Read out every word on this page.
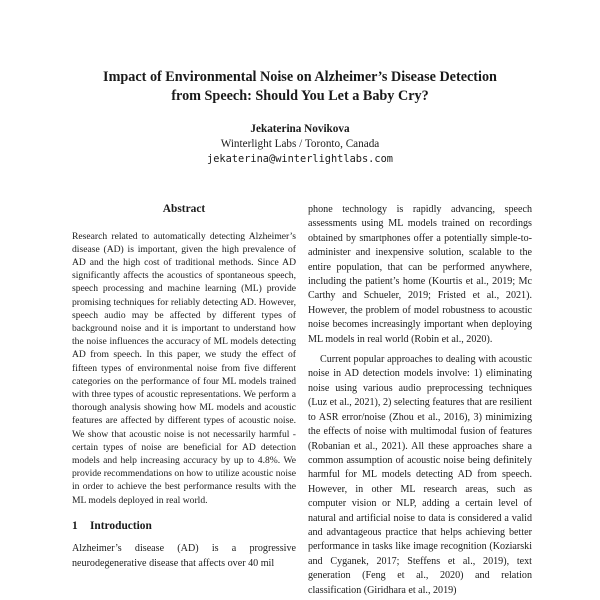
Impact of Environmental Noise on Alzheimer’s Disease Detection
from Speech: Should You Let a Baby Cry?
Jekaterina Novikova
Winterlight Labs / Toronto, Canada
jekaterina@winterlightlabs.com
Abstract

Research related to automatically detecting Alzheimer’s disease (AD) is important, given the high prevalence of AD and the high cost of traditional methods. Since AD significantly affects the acoustics of spontaneous speech, speech processing and machine learning (ML) provide promising techniques for reliably detecting AD. However, speech audio may be affected by different types of background noise and it is important to understand how the noise influences the accuracy of ML models detecting AD from speech. In this paper, we study the effect of fifteen types of environmental noise from five different categories on the performance of four ML models trained with three types of acoustic representations. We perform a thorough analysis showing how ML models and acoustic features are affected by different types of acoustic noise. We show that acoustic noise is not necessarily harmful - certain types of noise are beneficial for AD detection models and help increasing accuracy by up to 4.8%. We provide recommendations on how to utilize acoustic noise in order to achieve the best performance results with the ML models deployed in real world.

1 Introduction

Alzheimer’s disease (AD) is a progressive neurodegenerative disease that affects over 40 mil

phone technology is rapidly advancing, speech assessments using ML models trained on recordings obtained by smartphones offer a potentially simple-to-administer and inexpensive solution, scalable to the entire population, that can be performed anywhere, including the patient’s home (Kourtis et al., 2019; Mc Carthy and Schueler, 2019; Fristed et al., 2021). However, the problem of model robustness to acoustic noise becomes increasingly important when deploying ML models in real world (Robin et al., 2020).

Current popular approaches to dealing with acoustic noise in AD detection models involve: 1) eliminating noise using various audio preprocessing techniques (Luz et al., 2021), 2) selecting features that are resilient to ASR error/noise (Zhou et al., 2016), 3) minimizing the effects of noise with multimodal fusion of features (Robanian et al., 2021). All these approaches share a common assumption of acoustic noise being definitely harmful for ML models detecting AD from speech. However, in other ML research areas, such as computer vision or NLP, adding a certain level of natural and artificial noise to data is considered a valid and advantageous practice that helps achieving better performance in tasks like image recognition (Koziarski and Cyganek, 2017; Steffens et al., 2019), text generation (Feng et al., 2020) and relation classification (Giridhara et al., 2019)
